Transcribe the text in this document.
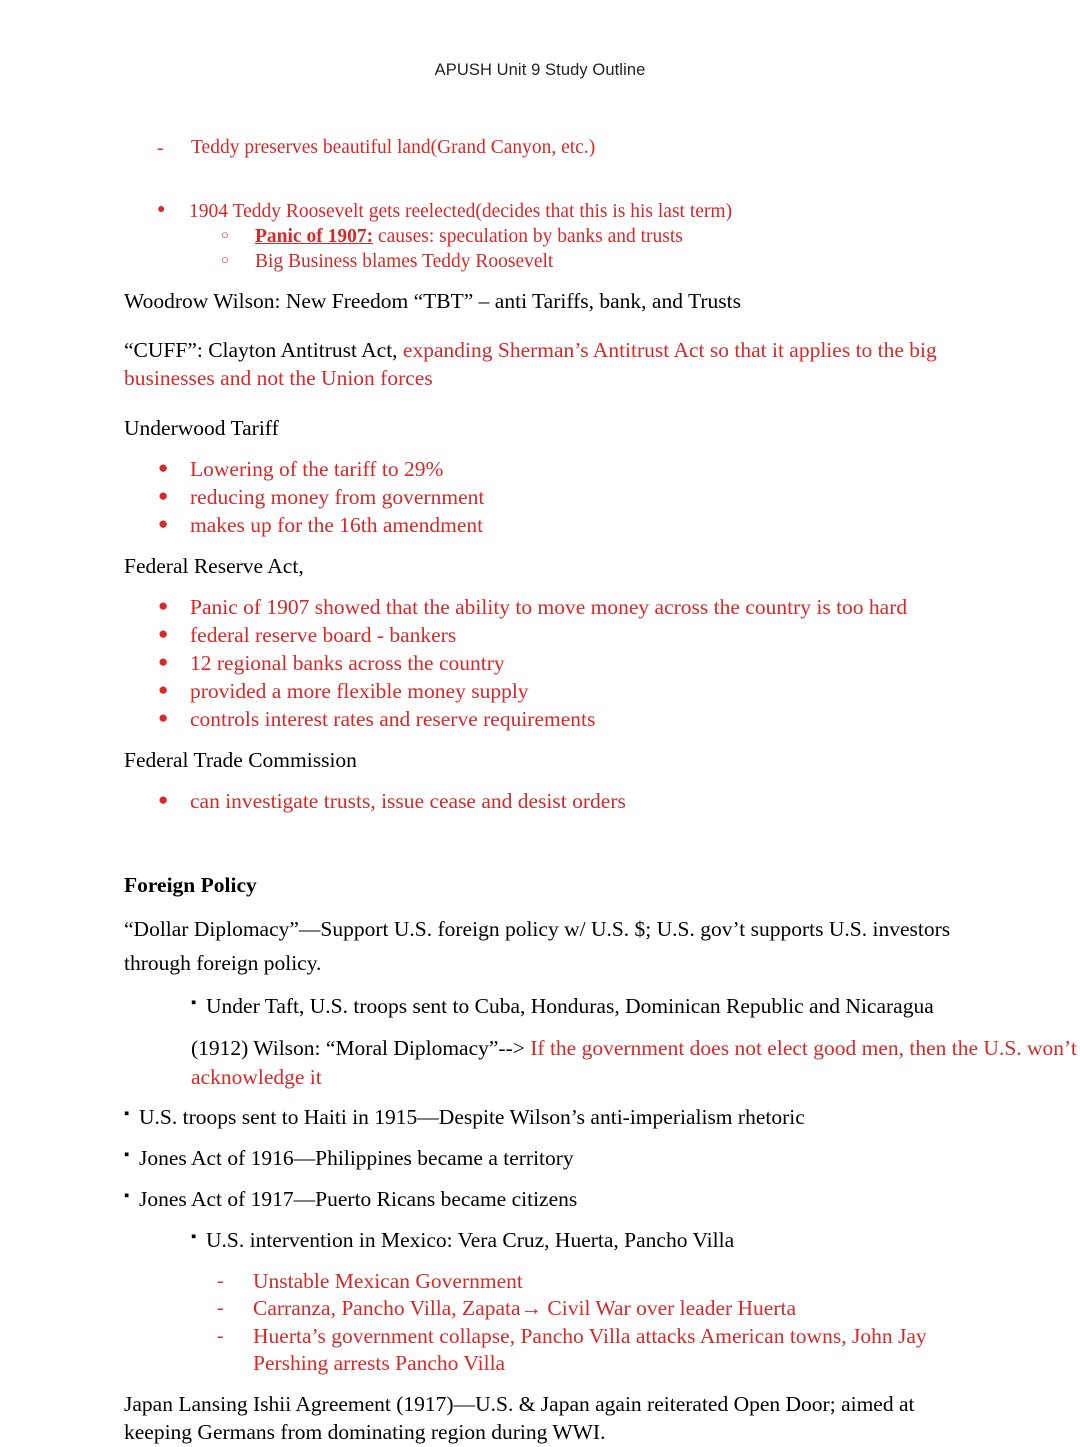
APUSH Unit 9 Study Outline
-	Teddy preserves beautiful land(Grand Canyon, etc.)
●	1904 Teddy Roosevelt gets reelected(decides that this is his last term)
○	Panic of 1907: causes: speculation by banks and trusts
○	Big Business blames Teddy Roosevelt
Woodrow Wilson: New Freedom “TBT” – anti Tariffs, bank, and Trusts
“CUFF”: Clayton Antitrust Act, expanding Sherman’s Antitrust Act so that it applies to the big businesses and not the Union forces
Underwood Tariff
●	Lowering of the tariff to 29%
●	reducing money from government
●	makes up for the 16th amendment
Federal Reserve Act,
●	Panic of 1907 showed that the ability to move money across the country is too hard
●	federal reserve board - bankers
●	12 regional banks across the country
●	provided a more flexible money supply
●	controls interest rates and reserve requirements
Federal Trade Commission
●	can investigate trusts, issue cease and desist orders
Foreign Policy
“Dollar Diplomacy”—Support U.S. foreign policy w/ U.S. $; U.S. gov’t supports U.S. investors through foreign policy.
▪ Under Taft, U.S. troops sent to Cuba, Honduras, Dominican Republic and Nicaragua
(1912) Wilson: “Moral Diplomacy”--> If the government does not elect good men, then the U.S. won’t acknowledge it
▪ U.S. troops sent to Haiti in 1915—Despite Wilson’s anti-imperialism rhetoric
▪ Jones Act of 1916—Philippines became a territory
▪ Jones Act of 1917—Puerto Ricans became citizens
▪ U.S. intervention in Mexico: Vera Cruz, Huerta, Pancho Villa
-	Unstable Mexican Government
-	Carranza, Pancho Villa, Zapata→ Civil War over leader Huerta
-	Huerta’s government collapse, Pancho Villa attacks American towns, John Jay Pershing arrests Pancho Villa
Japan Lansing Ishii Agreement (1917)—U.S. & Japan again reiterated Open Door; aimed at keeping Germans from dominating region during WWI.
